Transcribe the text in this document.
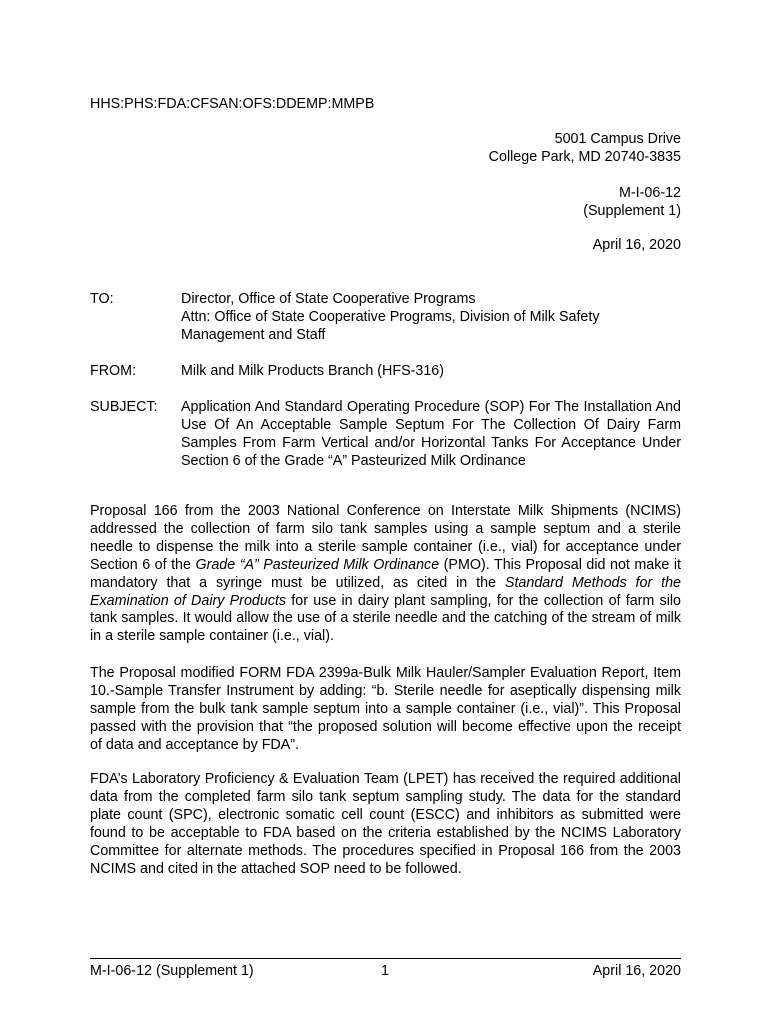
HHS:PHS:FDA:CFSAN:OFS:DDEMP:MMPB
5001 Campus Drive
College Park, MD 20740-3835
M-I-06-12
(Supplement 1)
April 16, 2020
TO:	Director, Office of State Cooperative Programs
Attn: Office of State Cooperative Programs, Division of Milk Safety Management and Staff
FROM:	Milk and Milk Products Branch (HFS-316)
SUBJECT: Application And Standard Operating Procedure (SOP) For The Installation And Use Of An Acceptable Sample Septum For The Collection Of Dairy Farm Samples From Farm Vertical and/or Horizontal Tanks For Acceptance Under Section 6 of the Grade “A” Pasteurized Milk Ordinance
Proposal 166 from the 2003 National Conference on Interstate Milk Shipments (NCIMS) addressed the collection of farm silo tank samples using a sample septum and a sterile needle to dispense the milk into a sterile sample container (i.e., vial) for acceptance under Section 6 of the Grade “A” Pasteurized Milk Ordinance (PMO). This Proposal did not make it mandatory that a syringe must be utilized, as cited in the Standard Methods for the Examination of Dairy Products for use in dairy plant sampling, for the collection of farm silo tank samples. It would allow the use of a sterile needle and the catching of the stream of milk in a sterile sample container (i.e., vial).
The Proposal modified FORM FDA 2399a-Bulk Milk Hauler/Sampler Evaluation Report, Item 10.-Sample Transfer Instrument by adding: “b. Sterile needle for aseptically dispensing milk sample from the bulk tank sample septum into a sample container (i.e., vial)”. This Proposal passed with the provision that “the proposed solution will become effective upon the receipt of data and acceptance by FDA”.
FDA’s Laboratory Proficiency & Evaluation Team (LPET) has received the required additional data from the completed farm silo tank septum sampling study. The data for the standard plate count (SPC), electronic somatic cell count (ESCC) and inhibitors as submitted were found to be acceptable to FDA based on the criteria established by the NCIMS Laboratory Committee for alternate methods. The procedures specified in Proposal 166 from the 2003 NCIMS and cited in the attached SOP need to be followed.
M-I-06-12 (Supplement 1)	1	April 16, 2020
